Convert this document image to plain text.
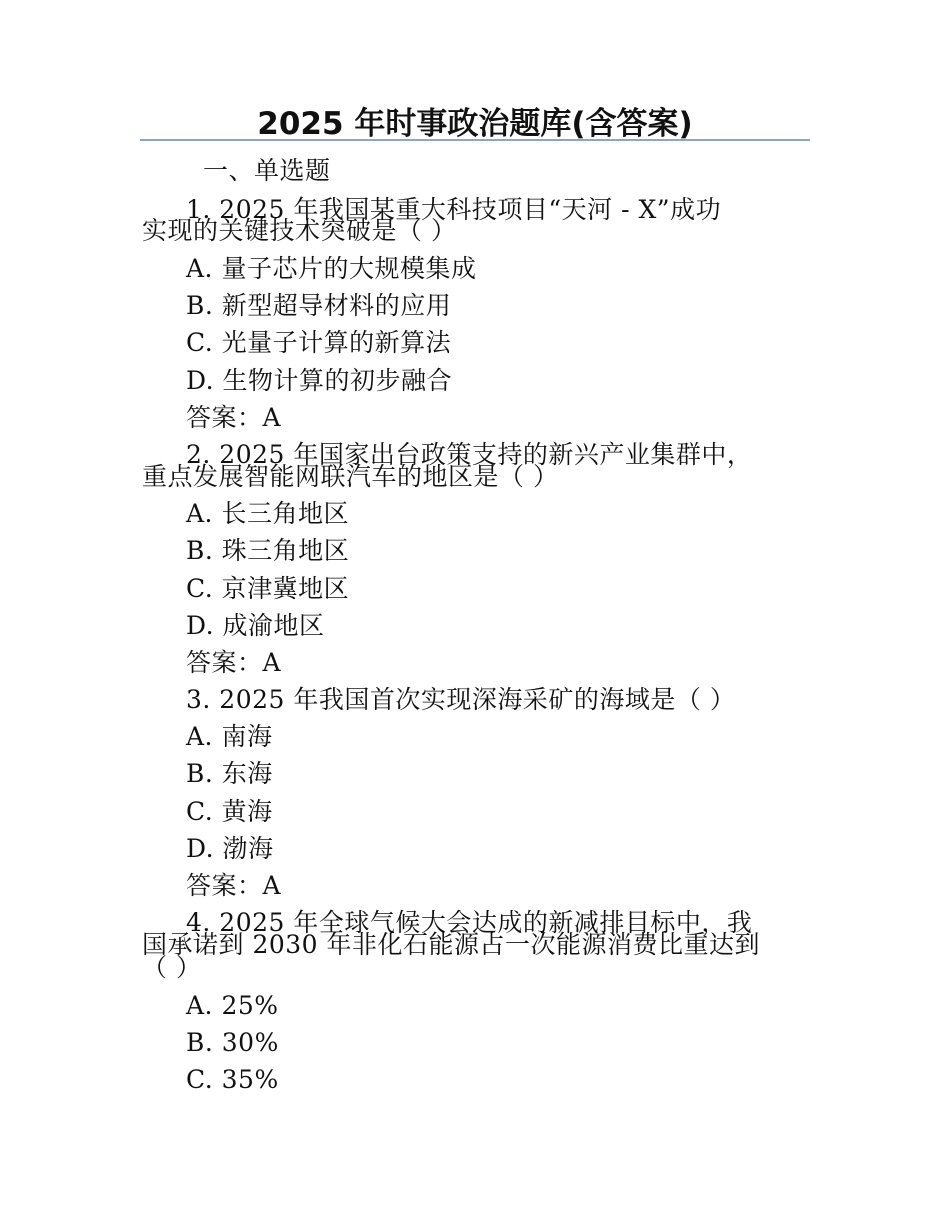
2025 年时事政治题库(含答案)
一、单选题
1. 2025 年我国某重大科技项目“天河 - X”成功
实现的关键技术突破是（ ）
A. 量子芯片的大规模集成
B. 新型超导材料的应用
C. 光量子计算的新算法
D. 生物计算的初步融合
答案：A
2. 2025 年国家出台政策支持的新兴产业集群中，
重点发展智能网联汽车的地区是（ ）
A. 长三角地区
B. 珠三角地区
C. 京津冀地区
D. 成渝地区
答案：A
3. 2025 年我国首次实现深海采矿的海域是（ ）
A. 南海
B. 东海
C. 黄海
D. 渤海
答案：A
4. 2025 年全球气候大会达成的新减排目标中，我
国承诺到 2030 年非化石能源占一次能源消费比重达到
（ ）
A. 25%
B. 30%
C. 35%
